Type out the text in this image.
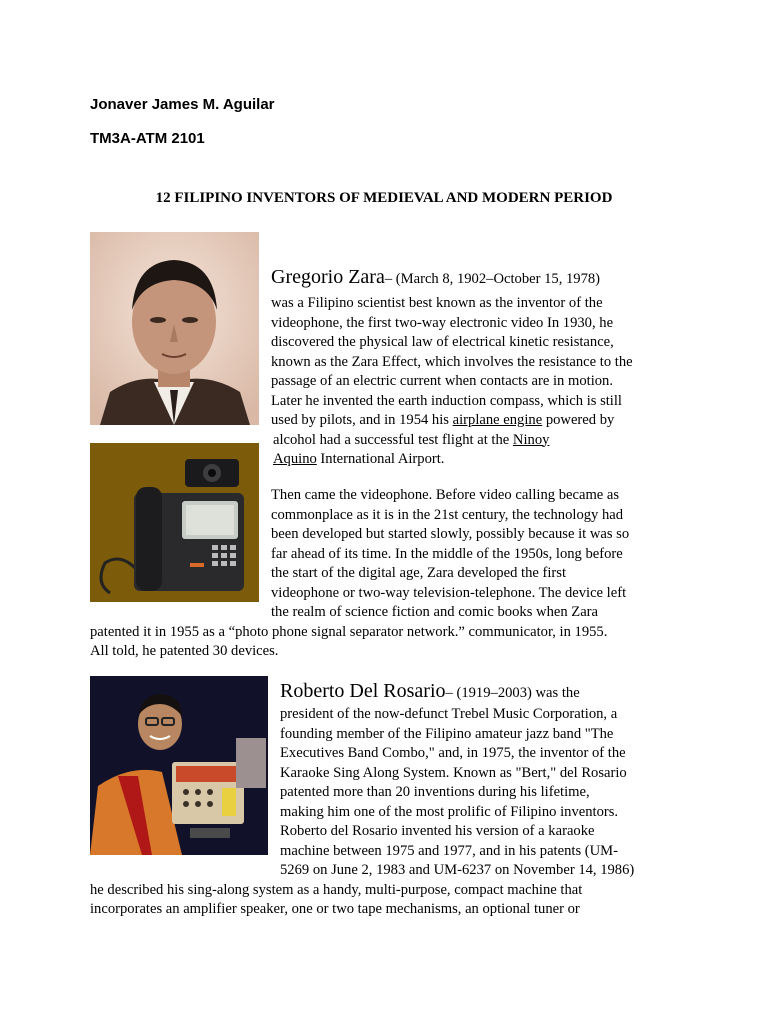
Jonaver James M. Aguilar
TM3A-ATM 2101
12 FILIPINO INVENTORS OF MEDIEVAL AND MODERN PERIOD
Gregorio Zara– (March 8, 1902–October 15, 1978)
was a Filipino scientist best known as the inventor of the
videophone, the first two-way electronic video In 1930, he
discovered the physical law of electrical kinetic resistance,
known as the Zara Effect, which involves the resistance to the
passage of an electric current when contacts are in motion.
Later he invented the earth induction compass, which is still
used by pilots, and in 1954 his airplane engine powered by
alcohol had a successful test flight at the Ninoy
Aquino International Airport.
Then came the videophone. Before video calling became as
commonplace as it is in the 21st century, the technology had
been developed but started slowly, possibly because it was so
far ahead of its time. In the middle of the 1950s, long before
the start of the digital age, Zara developed the first
videophone or two-way television-telephone. The device left
the realm of science fiction and comic books when Zara
patented it in 1955 as a “photo phone signal separator network.” communicator, in 1955.
All told, he patented 30 devices.
Roberto Del Rosario– (1919–2003) was the
president of the now-defunct Trebel Music Corporation, a
founding member of the Filipino amateur jazz band "The
Executives Band Combo," and, in 1975, the inventor of the
Karaoke Sing Along System. Known as "Bert," del Rosario
patented more than 20 inventions during his lifetime,
making him one of the most prolific of Filipino inventors.
Roberto del Rosario invented his version of a karaoke
machine between 1975 and 1977, and in his patents (UM-
5269 on June 2, 1983 and UM-6237 on November 14, 1986)
he described his sing-along system as a handy, multi-purpose, compact machine that
incorporates an amplifier speaker, one or two tape mechanisms, an optional tuner or
